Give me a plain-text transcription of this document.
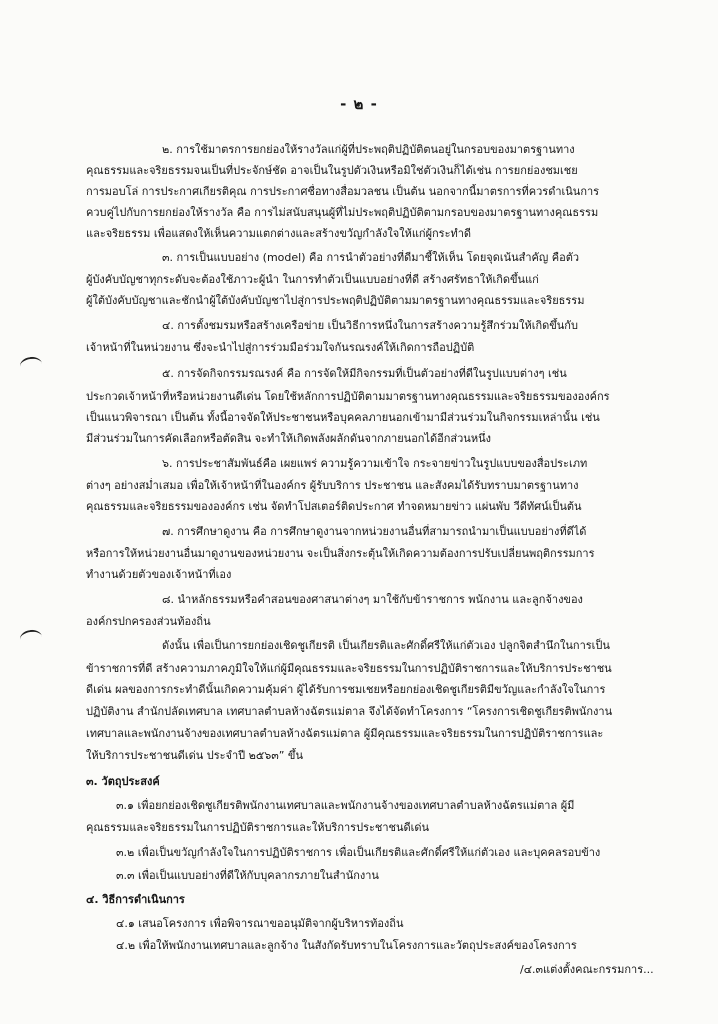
- ๒ -
๒. การใช้มาตรการยกย่องให้รางวัลแก่ผู้ที่ประพฤติปฏิบัติตนอยู่ในกรอบของมาตรฐานทาง
คุณธรรมและจริยธรรมจนเป็นที่ประจักษ์ชัด อาจเป็นในรูปตัวเงินหรือมิใช่ตัวเงินก็ได้เช่น การยกย่องชมเชย
การมอบโล่ การประกาศเกียรติคุณ การประกาศชื่อทางสื่อมวลชน เป็นต้น นอกจากนี้มาตรการที่ควรดำเนินการ
ควบคู่ไปกับการยกย่องให้รางวัล คือ การไม่สนับสนุนผู้ที่ไม่ประพฤติปฏิบัติตามกรอบของมาตรฐานทางคุณธรรม
และจริยธรรม เพื่อแสดงให้เห็นความแตกต่างและสร้างขวัญกำลังใจให้แก่ผู้กระทำดี
๓. การเป็นแบบอย่าง (model) คือ การนำตัวอย่างที่ดีมาชี้ให้เห็น โดยจุดเน้นสำคัญ คือตัว
ผู้บังคับบัญชาทุกระดับจะต้องใช้ภาวะผู้นำ ในการทำตัวเป็นแบบอย่างที่ดี สร้างศรัทธาให้เกิดขึ้นแก่
ผู้ใต้บังคับบัญชาและชักนำผู้ใต้บังคับบัญชาไปสู่การประพฤติปฏิบัติตามมาตรฐานทางคุณธรรมและจริยธรรม
๔. การตั้งชมรมหรือสร้างเครือข่าย เป็นวิธีการหนึ่งในการสร้างความรู้สึกร่วมให้เกิดขึ้นกับ
เจ้าหน้าที่ในหน่วยงาน ซึ่งจะนำไปสู่การร่วมมือร่วมใจกันรณรงค์ให้เกิดการถือปฏิบัติ
๕. การจัดกิจกรรมรณรงค์ คือ การจัดให้มีกิจกรรมที่เป็นตัวอย่างที่ดีในรูปแบบต่างๆ เช่น
ประกวดเจ้าหน้าที่หรือหน่วยงานดีเด่น โดยใช้หลักการปฏิบัติตามมาตรฐานทางคุณธรรมและจริยธรรมขององค์กร
เป็นแนวพิจารณา เป็นต้น ทั้งนี้อาจจัดให้ประชาชนหรือบุคคลภายนอกเข้ามามีส่วนร่วมในกิจกรรมเหล่านั้น เช่น
มีส่วนร่วมในการคัดเลือกหรือตัดสิน จะทำให้เกิดพลังผลักดันจากภายนอกได้อีกส่วนหนึ่ง
๖. การประชาสัมพันธ์คือ เผยแพร่ ความรู้ความเข้าใจ กระจายข่าวในรูปแบบของสื่อประเภท
ต่างๆ อย่างสม่ำเสมอ เพื่อให้เจ้าหน้าที่ในองค์กร ผู้รับบริการ ประชาชน และสังคมได้รับทราบมาตรฐานทาง
คุณธรรมและจริยธรรมขององค์กร เช่น จัดทำโปสเตอร์ติดประกาศ ทำจดหมายข่าว แผ่นพับ วีดีทัศน์เป็นต้น
๗. การศึกษาดูงาน คือ การศึกษาดูงานจากหน่วยงานอื่นที่สามารถนำมาเป็นแบบอย่างที่ดีได้
หรือการให้หน่วยงานอื่นมาดูงานของหน่วยงาน จะเป็นสิ่งกระตุ้นให้เกิดความต้องการปรับเปลี่ยนพฤติกรรมการ
ทำงานด้วยตัวของเจ้าหน้าที่เอง
๘. นำหลักธรรมหรือคำสอนของศาสนาต่างๆ มาใช้กับข้าราชการ พนักงาน และลูกจ้างของ
องค์กรปกครองส่วนท้องถิ่น
ดังนั้น เพื่อเป็นการยกย่องเชิดชูเกียรติ เป็นเกียรติและศักดิ์ศรีให้แก่ตัวเอง ปลูกจิตสำนึกในการเป็น
ข้าราชการที่ดี สร้างความภาคภูมิใจให้แก่ผู้มีคุณธรรมและจริยธรรมในการปฏิบัติราชการและให้บริการประชาชน
ดีเด่น ผลของการกระทำดีนั้นเกิดความคุ้มค่า ผู้ได้รับการชมเชยหรือยกย่องเชิดชูเกียรติมีขวัญและกำลังใจในการ
ปฏิบัติงาน สำนักปลัดเทศบาล เทศบาลตำบลห้างฉัตรแม่ตาล จึงได้จัดทำโครงการ “โครงการเชิดชูเกียรติพนักงาน
เทศบาลและพนักงานจ้างของเทศบาลตำบลห้างฉัตรแม่ตาล ผู้มีคุณธรรมและจริยธรรมในการปฏิบัติราชการและ
ให้บริการประชาชนดีเด่น ประจำปี ๒๕๖๓” ขึ้น
๓. วัตถุประสงค์
๓.๑ เพื่อยกย่องเชิดชูเกียรติพนักงานเทศบาลและพนักงานจ้างของเทศบาลตำบลห้างฉัตรแม่ตาล ผู้มี
คุณธรรมและจริยธรรมในการปฏิบัติราชการและให้บริการประชาชนดีเด่น
๓.๒ เพื่อเป็นขวัญกำลังใจในการปฏิบัติราชการ เพื่อเป็นเกียรติและศักดิ์ศรีให้แก่ตัวเอง และบุคคลรอบข้าง
๓.๓ เพื่อเป็นแบบอย่างที่ดีให้กับบุคลากรภายในสำนักงาน
๔. วิธีการดำเนินการ
๔.๑ เสนอโครงการ เพื่อพิจารณาขออนุมัติจากผู้บริหารท้องถิ่น
๔.๒ เพื่อให้พนักงานเทศบาลและลูกจ้าง ในสังกัดรับทราบในโครงการและวัตถุประสงค์ของโครงการ
/๔.๓แต่งตั้งคณะกรรมการ...
